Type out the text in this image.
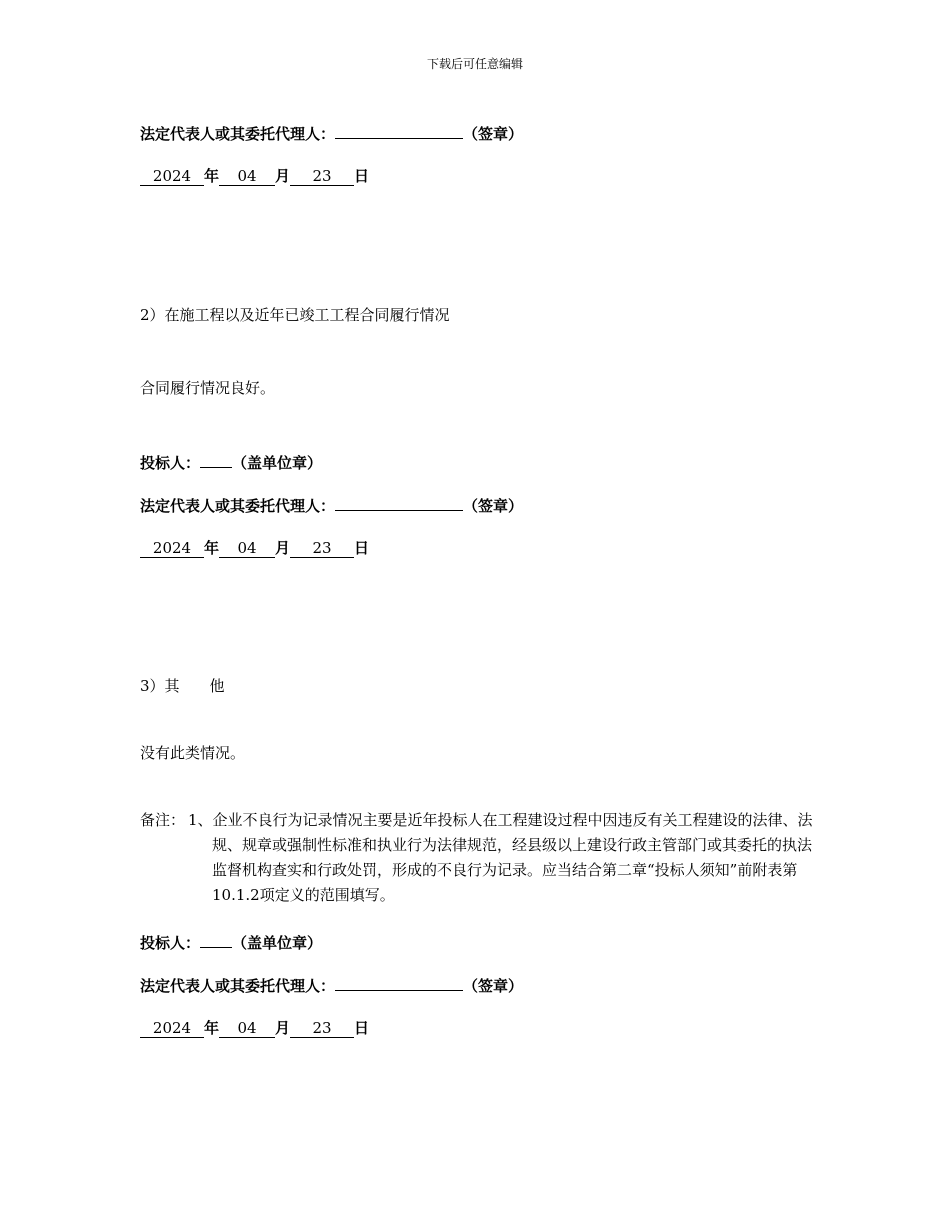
下载后可任意编辑
法定代表人或其委托代理人：	（签章）
2024 年 04 月 23 日
2）在施工程以及近年已竣工工程合同履行情况
合同履行情况良好。
投标人： （盖单位章）
法定代表人或其委托代理人：	（签章）
2024 年 04 月 23 日
3）其　　他
没有此类情况。
备注： 1、企业不良行为记录情况主要是近年投标人在工程建设过程中因违反有关工程建设的法律、法规、规章或强制性标准和执业行为法律规范，经县级以上建设行政主管部门或其委托的执法监督机构查实和行政处罚，形成的不良行为记录。应当结合第二章“投标人须知”前附表第10.1.2项定义的范围填写。
投标人： （盖单位章）
法定代表人或其委托代理人：	（签章）
2024 年 04 月 23 日
